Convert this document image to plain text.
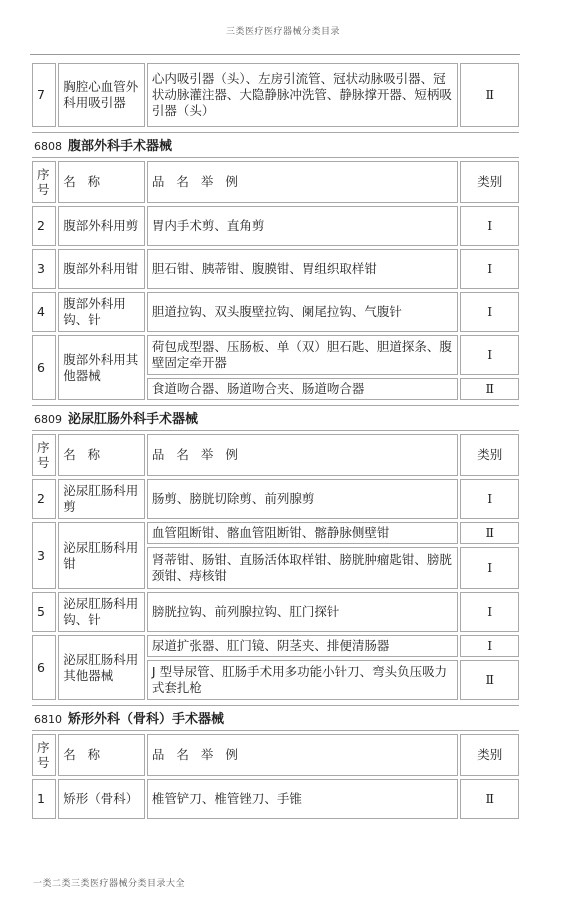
三类医疗医疗器械分类目录
7	胸腔心血管外科用吸引器	心内吸引器（头）、左房引流管、冠状动脉吸引器、冠状动脉灌注器、大隐静脉冲洗管、静脉撑开器、短柄吸引器（头）	Ⅱ
6808 腹部外科手术器械
序号	名 称	品 名 举 例	类别
2	腹部外科用剪	胃内手术剪、直角剪	Ⅰ
3	腹部外科用钳	胆石钳、胰蒂钳、腹膜钳、胃组织取样钳	Ⅰ
4	腹部外科用钩、针	胆道拉钩、双头腹壁拉钩、阑尾拉钩、气腹针	Ⅰ
6	腹部外科用其他器械	荷包成型器、压肠板、单（双）胆石匙、胆道探条、腹壁固定牵开器	Ⅰ
		食道吻合器、肠道吻合夹、肠道吻合器	Ⅱ
6809 泌尿肛肠外科手术器械
序号	名 称	品 名 举 例	类别
2	泌尿肛肠科用剪	肠剪、膀胱切除剪、前列腺剪	Ⅰ
3	泌尿肛肠科用钳	血管阻断钳、髂血管阻断钳、髂静脉侧壁钳	Ⅱ
		肾蒂钳、肠钳、直肠活体取样钳、膀胱肿瘤匙钳、膀胱颈钳、痔核钳	Ⅰ
5	泌尿肛肠科用钩、针	膀胱拉钩、前列腺拉钩、肛门探针	Ⅰ
6	泌尿肛肠科用其他器械	尿道扩张器、肛门镜、阴茎夹、排便清肠器	Ⅰ
		J 型导尿管、肛肠手术用多功能小针刀、弯头负压吸力式套扎枪	Ⅱ
6810 矫形外科（骨科）手术器械
序号	名 称	品 名 举 例	类别
1	矫形（骨科）	椎管铲刀、椎管锉刀、手锥	Ⅱ
一类二类三类医疗器械分类目录大全
